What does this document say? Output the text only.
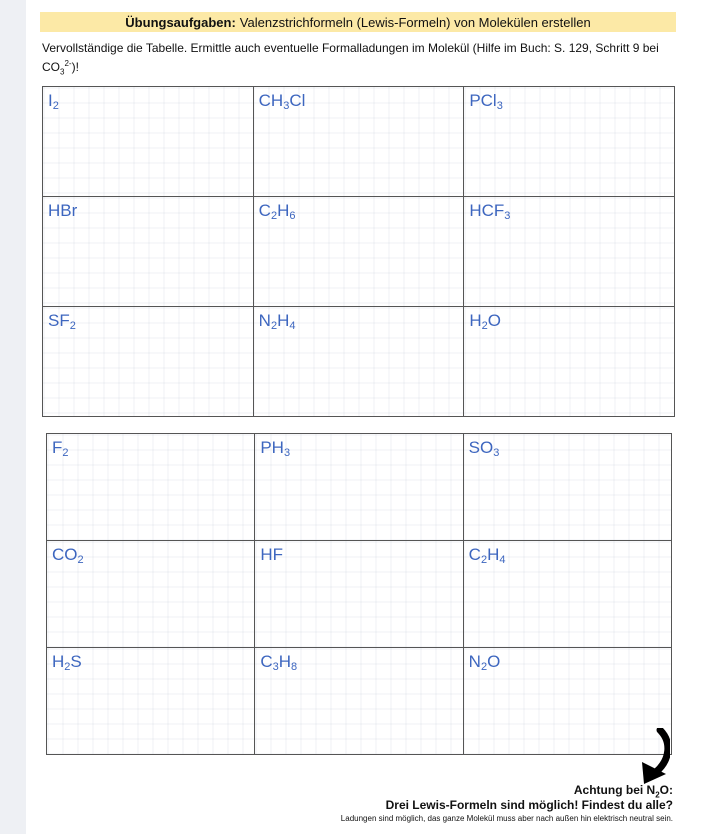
Übungsaufgaben: Valenzstrichformeln (Lewis-Formeln) von Molekülen erstellen
Vervollständige die Tabelle. Ermittle auch eventuelle Formalladungen im Molekül (Hilfe im Buch: S. 129, Schritt 9 bei $CO_3^{2-}$)!
$I_2$	$CH_3Cl$	PCl$_3$

HBr	$C_2H_6$	$HCF_3$

$SF_2$	$N_2H_4$	$H_2O$
$F_2$	$PH_3$	$SO_3$

$CO_2$	HF	$C_2H_4$

$H_2S$	$C_3H_8$	$N_2O$
Achtung bei $N_2O$:
Drei Lewis-Formeln sind möglich! Findest du alle?
Ladungen sind möglich, das ganze Molekül muss aber nach außen hin elektrisch neutral sein.
